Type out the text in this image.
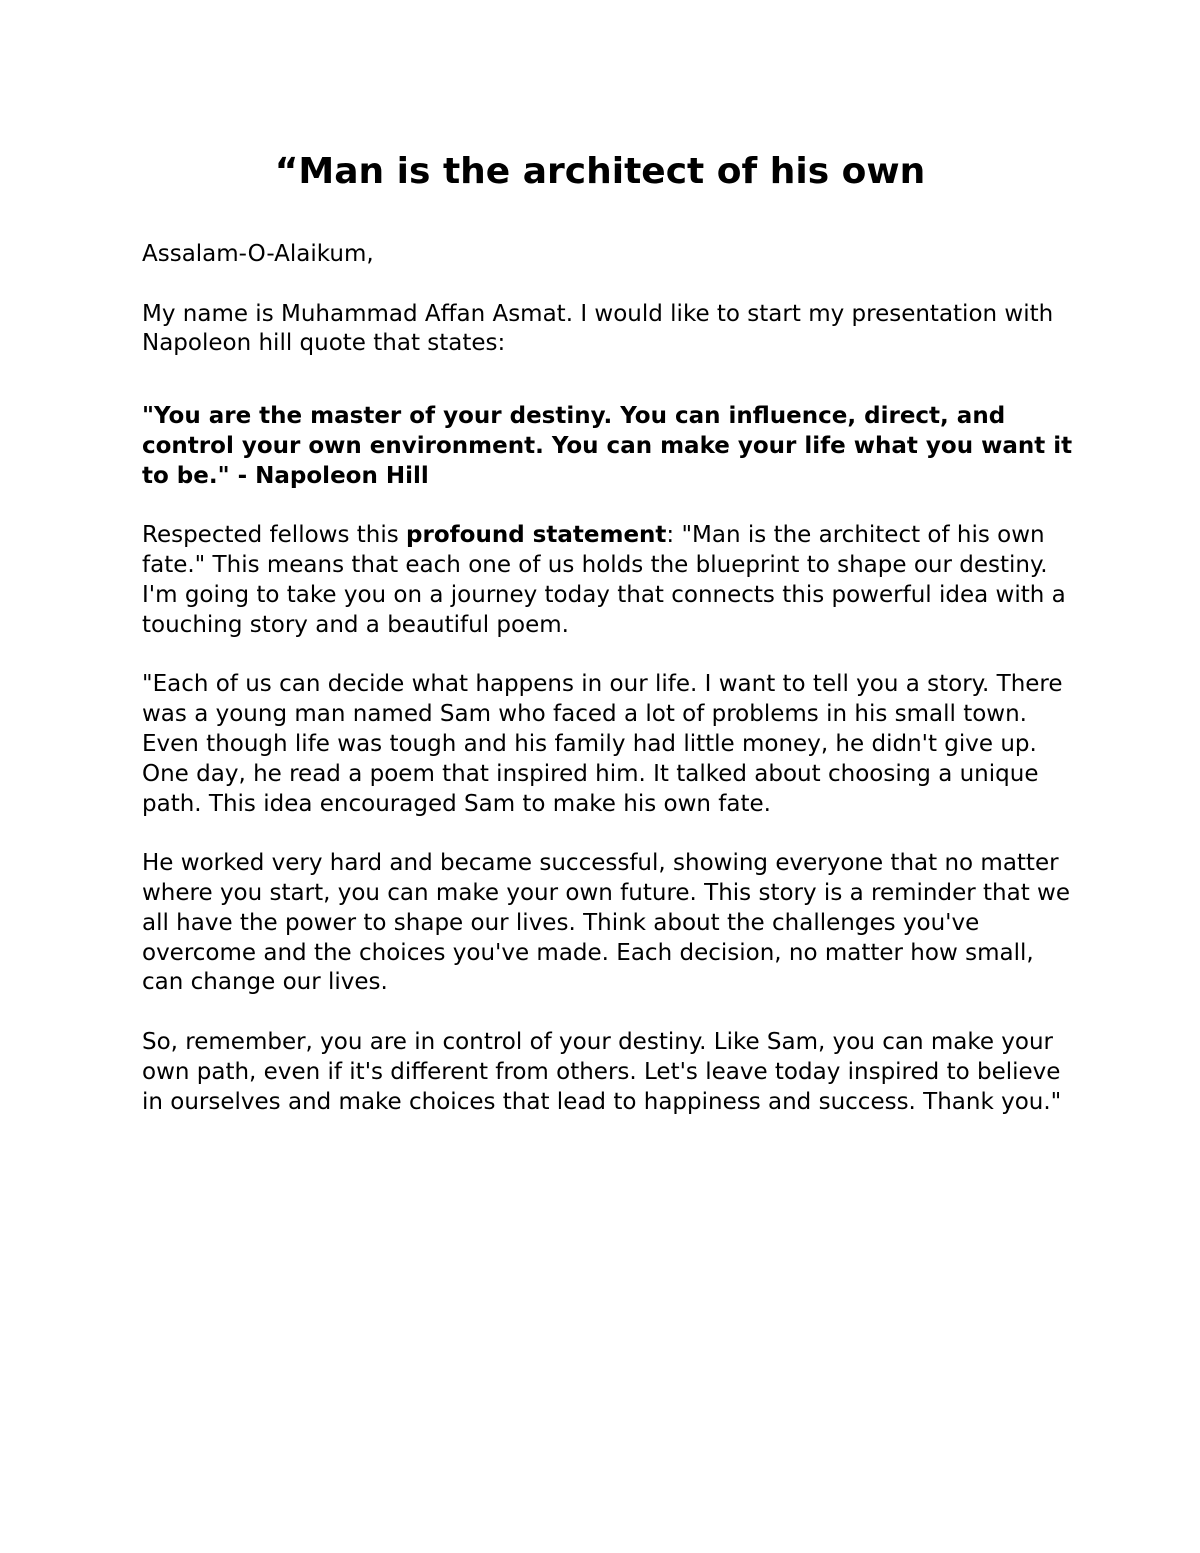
“Man is the architect of his own

Assalam-O-Alaikum,

My name is Muhammad Affan Asmat. I would like to start my presentation with Napoleon hill quote that states:

"You are the master of your destiny. You can influence, direct, and control your own environment. You can make your life what you want it to be." - Napoleon Hill

Respected fellows this profound statement: "Man is the architect of his own fate." This means that each one of us holds the blueprint to shape our destiny. I'm going to take you on a journey today that connects this powerful idea with a touching story and a beautiful poem.

"Each of us can decide what happens in our life. I want to tell you a story. There was a young man named Sam who faced a lot of problems in his small town. Even though life was tough and his family had little money, he didn't give up. One day, he read a poem that inspired him. It talked about choosing a unique path. This idea encouraged Sam to make his own fate.

He worked very hard and became successful, showing everyone that no matter where you start, you can make your own future. This story is a reminder that we all have the power to shape our lives. Think about the challenges you've overcome and the choices you've made. Each decision, no matter how small, can change our lives.

So, remember, you are in control of your destiny. Like Sam, you can make your own path, even if it's different from others. Let's leave today inspired to believe in ourselves and make choices that lead to happiness and success. Thank you."
